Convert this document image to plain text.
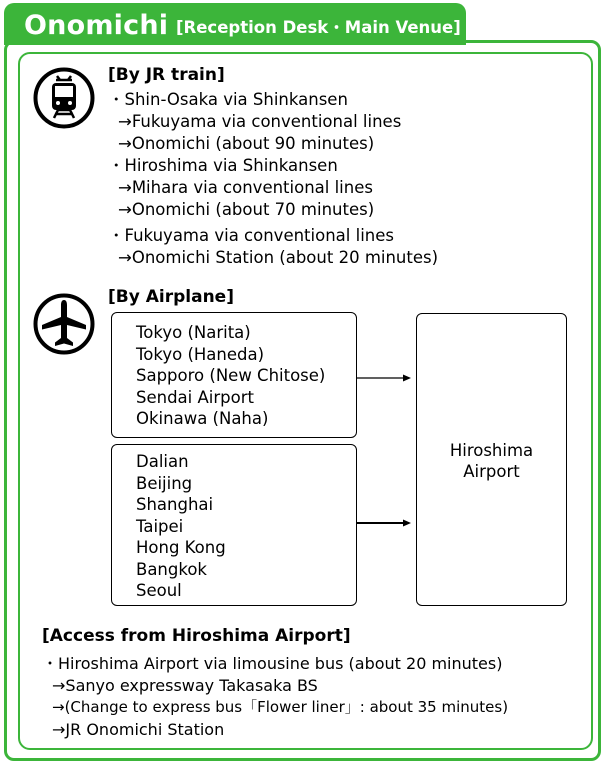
Onomichi [Reception Desk・Main Venue]
[By JR train]
・Shin-Osaka via Shinkansen
→Fukuyama via conventional lines
→Onomichi (about 90 minutes)
・Hiroshima via Shinkansen
→Mihara via conventional lines
→Onomichi (about 70 minutes)
・Fukuyama via conventional lines
→Onomichi Station (about 20 minutes)
[By Airplane]
Tokyo (Narita)
Tokyo (Haneda)
Sapporo (New Chitose)
Sendai Airport
Okinawa (Naha)
Dalian
Beijing
Shanghai
Taipei
Hong Kong
Bangkok
Seoul
Hiroshima
Airport
[Access from Hiroshima Airport]
・Hiroshima Airport via limousine bus (about 20 minutes)
→Sanyo expressway Takasaka BS
→(Change to express bus「Flower liner」: about 35 minutes)
→JR Onomichi Station
